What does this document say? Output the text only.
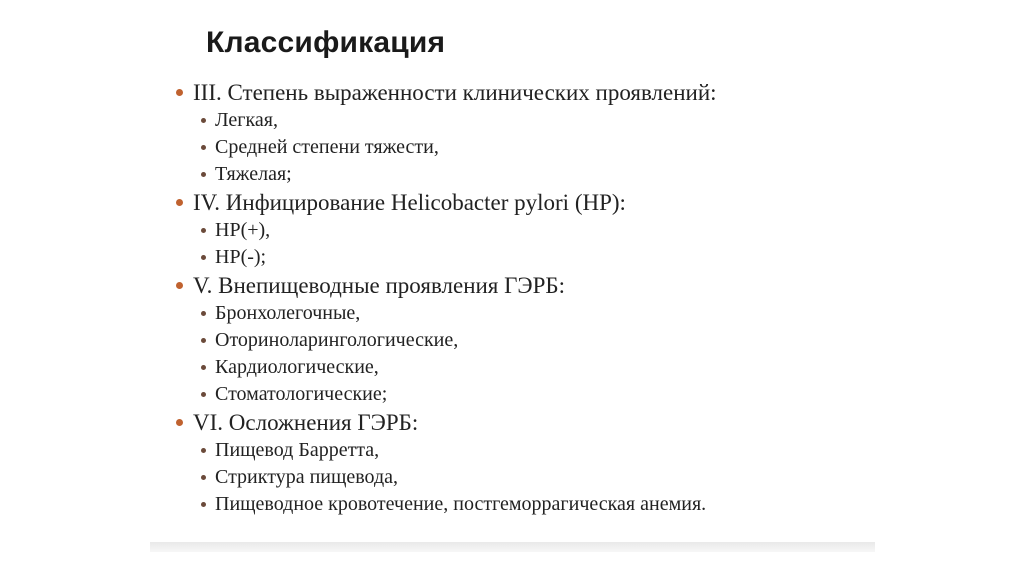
Классификация
III. Степень выраженности клинических проявлений:
Легкая,
Средней степени тяжести,
Тяжелая;
IV. Инфицирование Helicobacter pylori (HP):
HP(+),
HP(-);
V. Внепищеводные проявления ГЭРБ:
Бронхолегочные,
Оториноларингологические,
Кардиологические,
Стоматологические;
VI. Осложнения ГЭРБ:
Пищевод Барретта,
Стриктура пищевода,
Пищеводное кровотечение, постгеморрагическая анемия.
